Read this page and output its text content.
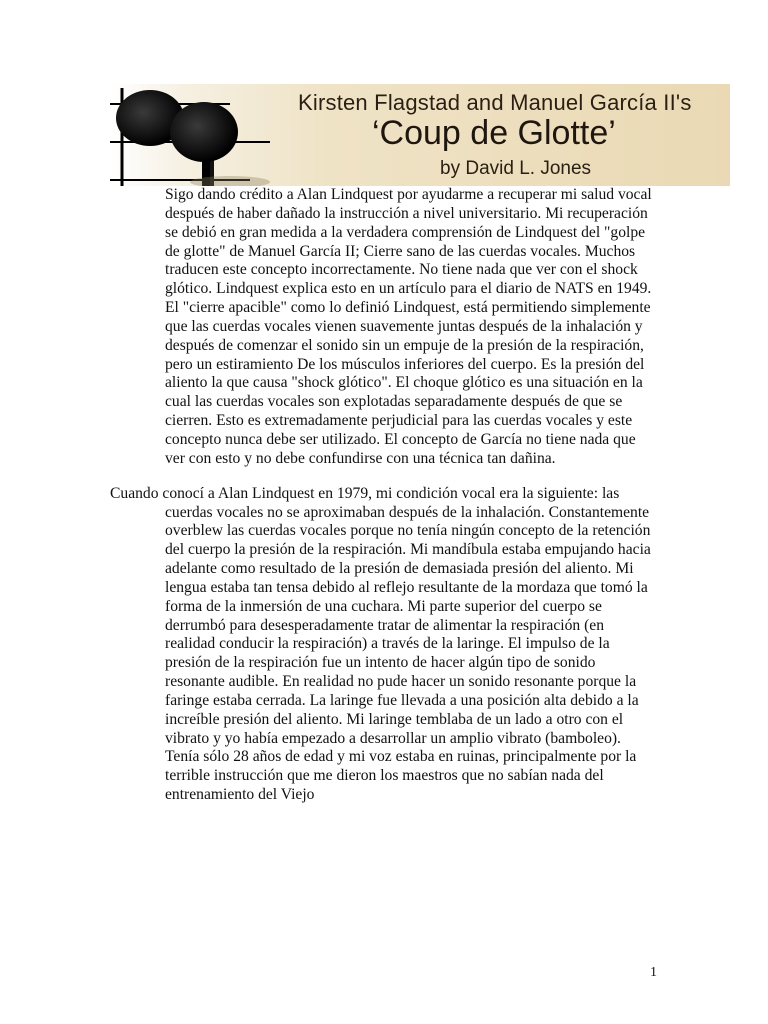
Kirsten Flagstad and Manuel García II's
‘Coup de Glotte’
by David L. Jones

Sigo dando crédito a Alan Lindquest por ayudarme a recuperar mi salud vocal después de haber dañado la instrucción a nivel universitario. Mi recuperación se debió en gran medida a la verdadera comprensión de Lindquest del "golpe de glotte" de Manuel García II; Cierre sano de las cuerdas vocales. Muchos traducen este concepto incorrectamente. No tiene nada que ver con el shock glótico. Lindquest explica esto en un artículo para el diario de NATS en 1949. El "cierre apacible" como lo definió Lindquest, está permitiendo simplemente que las cuerdas vocales vienen suavemente juntas después de la inhalación y después de comenzar el sonido sin un empuje de la presión de la respiración, pero un estiramiento De los músculos inferiores del cuerpo. Es la presión del aliento la que causa "shock glótico". El choque glótico es una situación en la cual las cuerdas vocales son explotadas separadamente después de que se cierren. Esto es extremadamente perjudicial para las cuerdas vocales y este concepto nunca debe ser utilizado. El concepto de García no tiene nada que ver con esto y no debe confundirse con una técnica tan dañina.

Cuando conocí a Alan Lindquest en 1979, mi condición vocal era la siguiente: las cuerdas vocales no se aproximaban después de la inhalación. Constantemente overblew las cuerdas vocales porque no tenía ningún concepto de la retención del cuerpo la presión de la respiración. Mi mandíbula estaba empujando hacia adelante como resultado de la presión de demasiada presión del aliento. Mi lengua estaba tan tensa debido al reflejo resultante de la mordaza que tomó la forma de la inmersión de una cuchara. Mi parte superior del cuerpo se derrumbó para desesperadamente tratar de alimentar la respiración (en realidad conducir la respiración) a través de la laringe. El impulso de la presión de la respiración fue un intento de hacer algún tipo de sonido resonante audible. En realidad no pude hacer un sonido resonante porque la faringe estaba cerrada. La laringe fue llevada a una posición alta debido a la increíble presión del aliento. Mi laringe temblaba de un lado a otro con el vibrato y yo había empezado a desarrollar un amplio vibrato (bamboleo). Tenía sólo 28 años de edad y mi voz estaba en ruinas, principalmente por la terrible instrucción que me dieron los maestros que no sabían nada del entrenamiento del Viejo

1
